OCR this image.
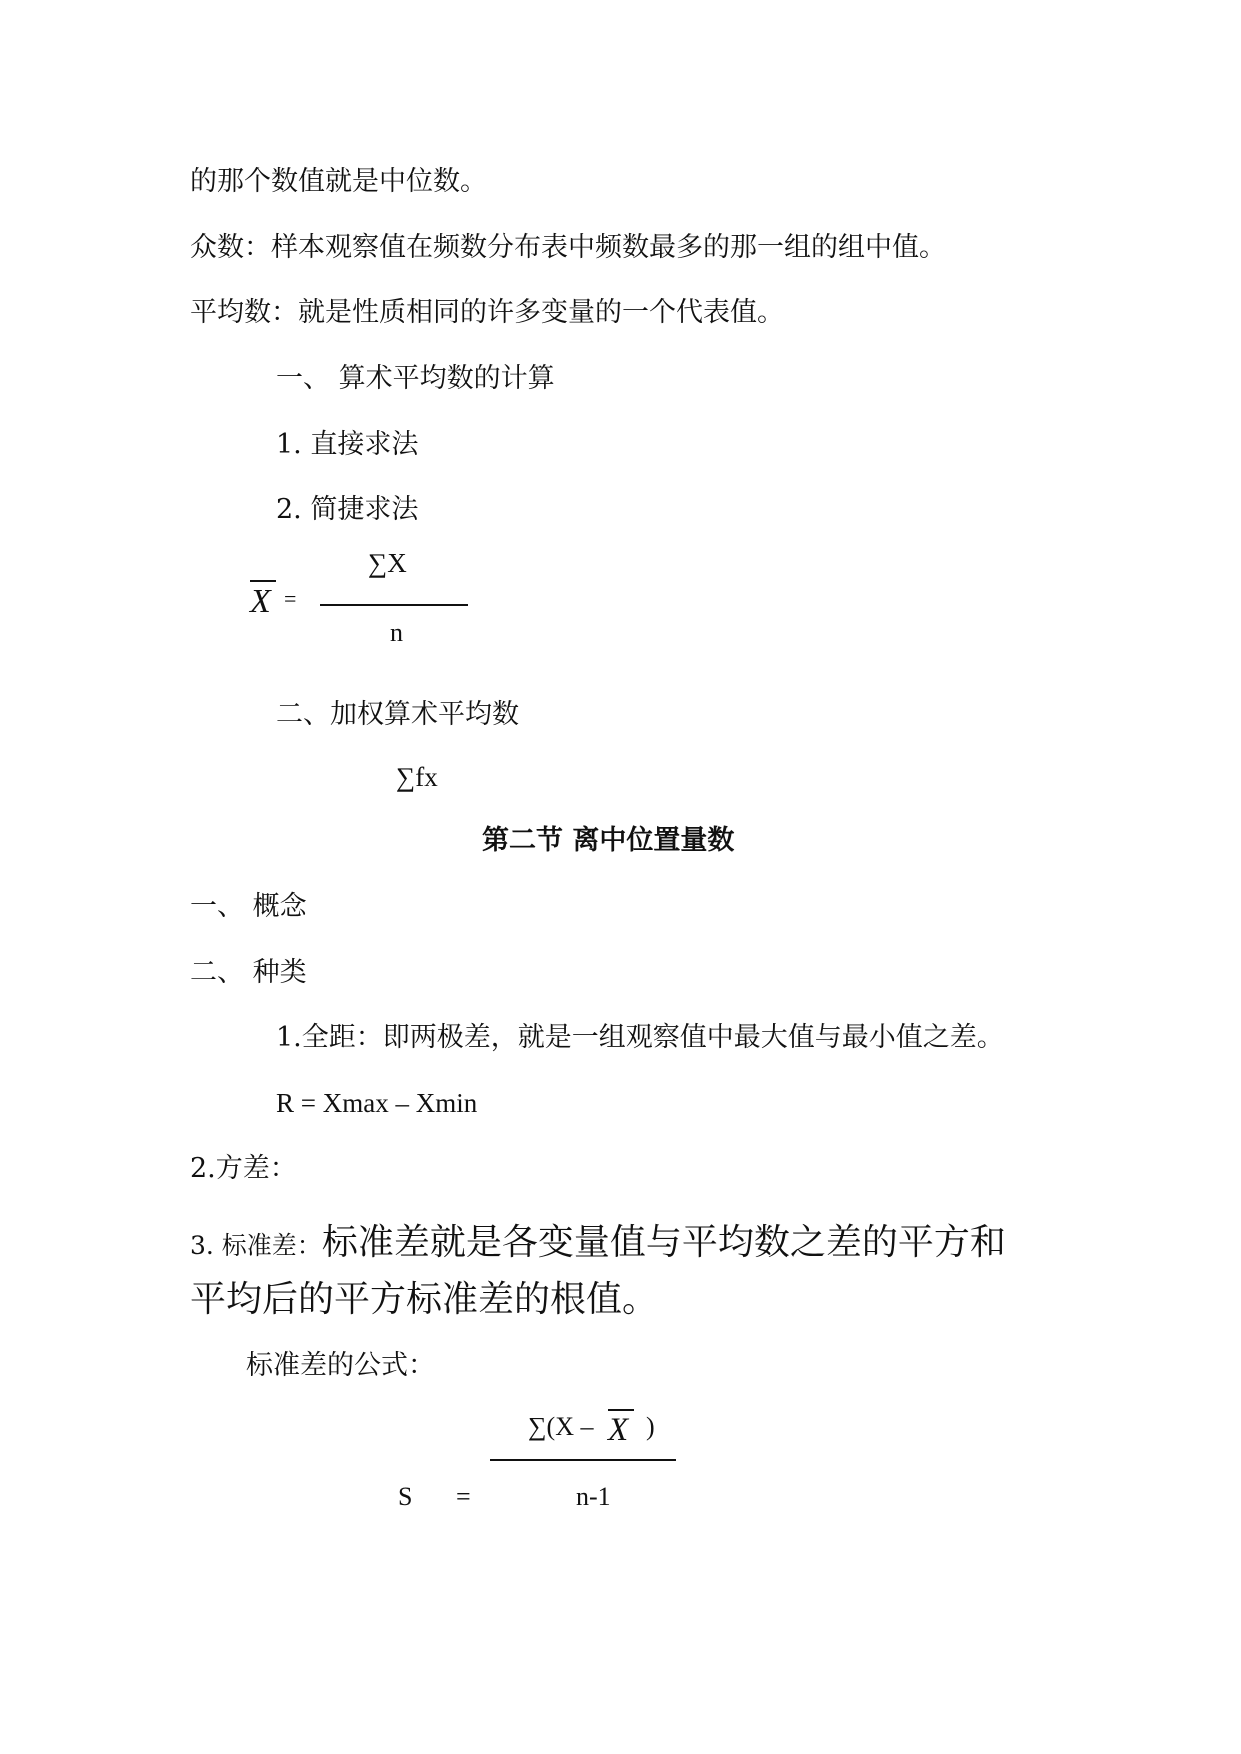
的那个数值就是中位数。
众数：样本观察值在频数分布表中频数最多的那一组的组中值。
平均数：就是性质相同的许多变量的一个代表值。
一、 算术平均数的计算
1. 直接求法
2. 简捷求法
X =
∑X
n
二、加权算术平均数
∑fx
第二节 离中位置量数
一、 概念
二、 种类
1.全距：即两极差，就是一组观察值中最大值与最小值之差。
R = Xmax – Xmin
2.方差：
3. 标准差：标准差就是各变量值与平均数之差的平方和
平均后的平方标准差的根值。
标准差的公式：
∑(X – X )
S =	n-1
